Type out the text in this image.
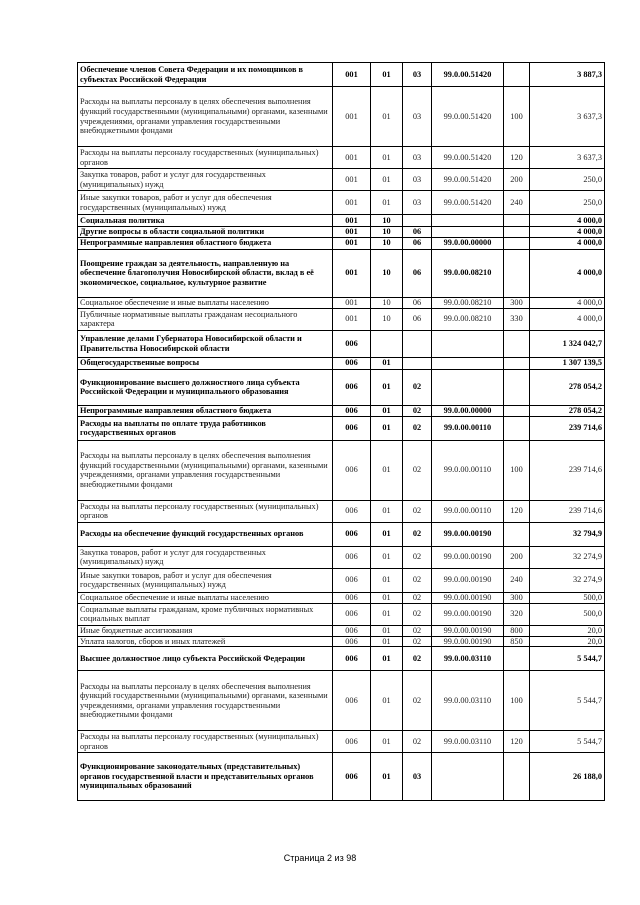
Обеспечение членов Совета Федерации и их помощников в субъектах Российской Федерации	001	01	03	99.0.00.51420		3 887,3
Расходы на выплаты персоналу в целях обеспечения выполнения функций государственными (муниципальными) органами, казенными учреждениями, органами управления государственными внебюджетными фондами	001	01	03	99.0.00.51420	100	3 637,3
Расходы на выплаты персоналу государственных (муниципальных) органов	001	01	03	99.0.00.51420	120	3 637,3
Закупка товаров, работ и услуг для государственных (муниципальных) нужд	001	01	03	99.0.00.51420	200	250,0
Иные закупки товаров, работ и услуг для обеспечения государственных (муниципальных) нужд	001	01	03	99.0.00.51420	240	250,0
Социальная политика	001	10				4 000,0
Другие вопросы в области социальной политики	001	10	06			4 000,0
Непрограммные направления областного бюджета	001	10	06	99.0.00.00000		4 000,0
Поощрение граждан за деятельность, направленную на обеспечение благополучия Новосибирской области, вклад в её экономическое, социальное, культурное развитие	001	10	06	99.0.00.08210		4 000,0
Социальное обеспечение и иные выплаты населению	001	10	06	99.0.00.08210	300	4 000,0
Публичные нормативные выплаты гражданам несоциального характера	001	10	06	99.0.00.08210	330	4 000,0
Управление делами Губернатора Новосибирской области и Правительства Новосибирской области	006					1 324 042,7
Общегосударственные вопросы	006	01				1 307 139,5
Функционирование высшего должностного лица субъекта Российской Федерации и муниципального образования	006	01	02			278 054,2
Непрограммные направления областного бюджета	006	01	02	99.0.00.00000		278 054,2
Расходы на выплаты по оплате труда работников государственных органов	006	01	02	99.0.00.00110		239 714,6
Расходы на выплаты персоналу в целях обеспечения выполнения функций государственными (муниципальными) органами, казенными учреждениями, органами управления государственными внебюджетными фондами	006	01	02	99.0.00.00110	100	239 714,6
Расходы на выплаты персоналу государственных (муниципальных) органов	006	01	02	99.0.00.00110	120	239 714,6
Расходы на обеспечение функций государственных органов	006	01	02	99.0.00.00190		32 794,9
Закупка товаров, работ и услуг для государственных (муниципальных) нужд	006	01	02	99.0.00.00190	200	32 274,9
Иные закупки товаров, работ и услуг для обеспечения государственных (муниципальных) нужд	006	01	02	99.0.00.00190	240	32 274,9
Социальное обеспечение и иные выплаты населению	006	01	02	99.0.00.00190	300	500,0
Социальные выплаты гражданам, кроме публичных нормативных социальных выплат	006	01	02	99.0.00.00190	320	500,0
Иные бюджетные ассигнования	006	01	02	99.0.00.00190	800	20,0
Уплата налогов, сборов и иных платежей	006	01	02	99.0.00.00190	850	20,0
Высшее должностное лицо субъекта Российской Федерации	006	01	02	99.0.00.03110		5 544,7
Расходы на выплаты персоналу в целях обеспечения выполнения функций государственными (муниципальными) органами, казенными учреждениями, органами управления государственными внебюджетными фондами	006	01	02	99.0.00.03110	100	5 544,7
Расходы на выплаты персоналу государственных (муниципальных) органов	006	01	02	99.0.00.03110	120	5 544,7
Функционирование законодательных (представительных) органов государственной власти и представительных органов муниципальных образований	006	01	03			26 188,0
Страница 2 из 98
